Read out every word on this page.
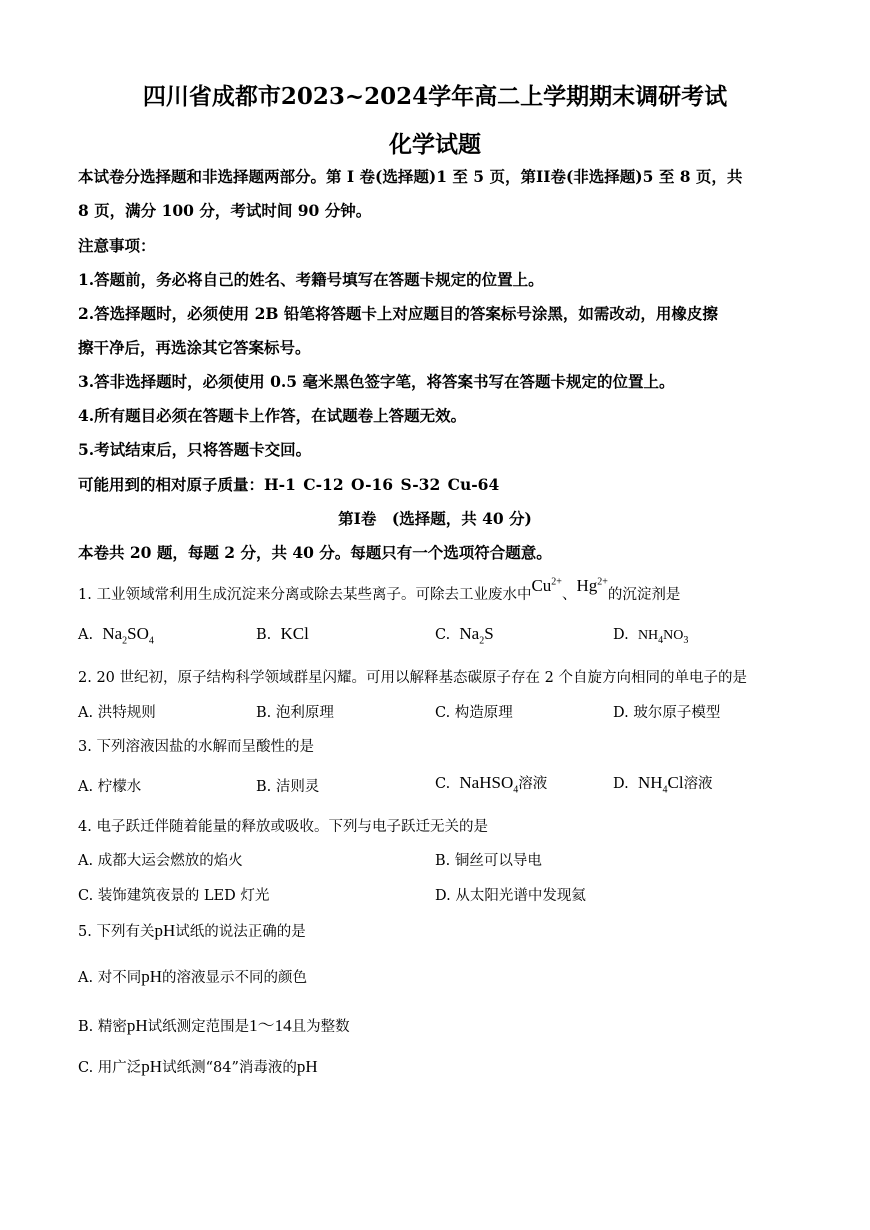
四川省成都市2023~2024学年高二上学期期末调研考试
化学试题
本试卷分选择题和非选择题两部分。第 I 卷(选择题)1 至 5 页，第II卷(非选择题)5 至 8 页，共
8 页，满分 100 分，考试时间 90 分钟。
注意事项：
1.答题前，务必将自己的姓名、考籍号填写在答题卡规定的位置上。
2.答选择题时，必须使用 2B 铅笔将答题卡上对应题目的答案标号涂黑，如需改动，用橡皮擦
擦干净后，再选涂其它答案标号。
3.答非选择题时，必须使用 0.5 毫米黑色签字笔，将答案书写在答题卡规定的位置上。
4.所有题目必须在答题卡上作答，在试题卷上答题无效。
5.考试结束后，只将答题卡交回。
可能用到的相对原子质量：H-1 C-12 O-16 S-32 Cu-64
第I卷　(选择题，共 40 分)
本卷共 20 题，每题 2 分，共 40 分。每题只有一个选项符合题意。
1. 工业领域常利用生成沉淀来分离或除去某些离子。可除去工业废水中$Cu^{2+}$、$Hg^{2+}$的沉淀剂是
A. $Na_2SO_4$	B. KCl	C. $Na_2S$	D. $NH_4NO_3$
2. 20 世纪初，原子结构科学领域群星闪耀。可用以解释基态碳原子存在 2 个自旋方向相同的单电子的是
A. 洪特规则	B. 泡利原理	C. 构造原理	D. 玻尔原子模型
3. 下列溶液因盐的水解而呈酸性的是
A. 柠檬水	B. 洁则灵	C. NaHSO$_4$溶液	D. $NH_4Cl$溶液
4. 电子跃迁伴随着能量的释放或吸收。下列与电子跃迁无关的是
A. 成都大运会燃放的焰火	B. 铜丝可以导电
C. 装饰建筑夜景的 LED 灯光	D. 从太阳光谱中发现氦
5. 下列有关pH试纸的说法正确的是
A. 对不同pH的溶液显示不同的颜色
B. 精密pH试纸测定范围是1～14且为整数
C. 用广泛pH试纸测“84”消毒液的pH
